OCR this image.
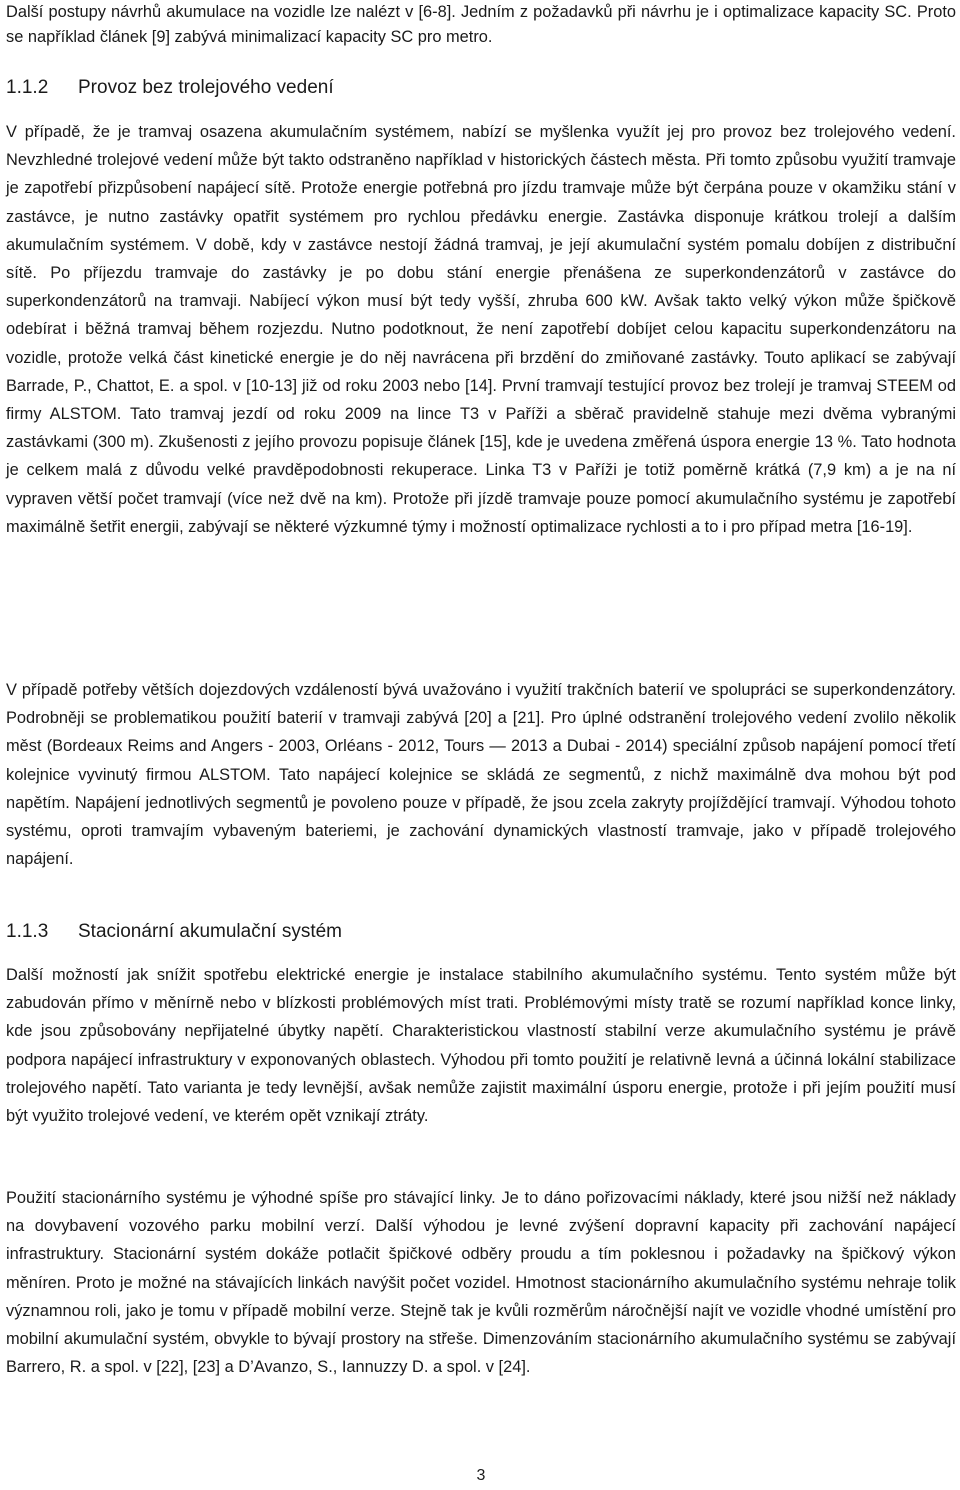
Další postupy návrhů akumulace na vozidle lze nalézt v [6-8]. Jedním z požadavků při návrhu je i optimalizace kapacity SC. Proto se například článek [9] zabývá minimalizací kapacity SC pro metro.

1.1.2	Provoz bez trolejového vedení

V případě, že je tramvaj osazena akumulačním systémem, nabízí se myšlenka využít jej pro provoz bez trolejového vedení. Nevzhledné trolejové vedení může být takto odstraněno například v historických částech města. Při tomto způsobu využití tramvaje je zapotřebí přizpůsobení napájecí sítě. Protože energie potřebná pro jízdu tramvaje může být čerpána pouze v okamžiku stání v zastávce, je nutno zastávky opatřit systémem pro rychlou předávku energie. Zastávka disponuje krátkou trolejí a dalším akumulačním systémem. V době, kdy v zastávce nestojí žádná tramvaj, je její akumulační systém pomalu dobíjen z distribuční sítě. Po příjezdu tramvaje do zastávky je po dobu stání energie přenášena ze superkondenzátorů v zastávce do superkondenzátorů na tramvaji. Nabíjecí výkon musí být tedy vyšší, zhruba 600 kW. Avšak takto velký výkon může špičkově odebírat i běžná tramvaj během rozjezdu. Nutno podotknout, že není zapotřebí dobíjet celou kapacitu superkondenzátoru na vozidle, protože velká část kinetické energie je do něj navrácena při brzdění do zmiňované zastávky. Touto aplikací se zabývají Barrade, P., Chattot, E. a spol. v [10-13] již od roku 2003 nebo [14]. První tramvají testující provoz bez trolejí je tramvaj STEEM od firmy ALSTOM. Tato tramvaj jezdí od roku 2009 na lince T3 v Paříži a sběrač pravidelně stahuje mezi dvěma vybranými zastávkami (300 m). Zkušenosti z jejího provozu popisuje článek [15], kde je uvedena změřená úspora energie 13 %. Tato hodnota je celkem malá z důvodu velké pravděpodobnosti rekuperace. Linka T3 v Paříži je totiž poměrně krátká (7,9 km) a je na ní vypraven větší počet tramvají (více než dvě na km). Protože při jízdě tramvaje pouze pomocí akumulačního systému je zapotřebí maximálně šetřit energii, zabývají se některé výzkumné týmy i možností optimalizace rychlosti a to i pro případ metra [16-19].

V případě potřeby větších dojezdových vzdáleností bývá uvažováno i využití trakčních baterií ve spolupráci se superkondenzátory. Podrobněji se problematikou použití baterií v tramvaji zabývá [20] a [21]. Pro úplné odstranění trolejového vedení zvolilo několik měst (Bordeaux Reims and Angers - 2003, Orléans - 2012, Tours — 2013 a Dubai - 2014) speciální způsob napájení pomocí třetí kolejnice vyvinutý firmou ALSTOM. Tato napájecí kolejnice se skládá ze segmentů, z nichž maximálně dva mohou být pod napětím. Napájení jednotlivých segmentů je povoleno pouze v případě, že jsou zcela zakryty projíždějící tramvají. Výhodou tohoto systému, oproti tramvajím vybaveným bateriemi, je zachování dynamických vlastností tramvaje, jako v případě trolejového napájení.

1.1.3	Stacionární akumulační systém

Další možností jak snížit spotřebu elektrické energie je instalace stabilního akumulačního systému. Tento systém může být zabudován přímo v měnírně nebo v blízkosti problémových míst trati. Problémovými místy tratě se rozumí například konce linky, kde jsou způsobovány nepřijatelné úbytky napětí. Charakteristickou vlastností stabilní verze akumulačního systému je právě podpora napájecí infrastruktury v exponovaných oblastech. Výhodou při tomto použití je relativně levná a účinná lokální stabilizace trolejového napětí. Tato varianta je tedy levnější, avšak nemůže zajistit maximální úsporu energie, protože i při jejím použití musí být využito trolejové vedení, ve kterém opět vznikají ztráty.

Použití stacionárního systému je výhodné spíše pro stávající linky. Je to dáno pořizovacími náklady, které jsou nižší než náklady na dovybavení vozového parku mobilní verzí. Další výhodou je levné zvýšení dopravní kapacity při zachování napájecí infrastruktury. Stacionární systém dokáže potlačit špičkové odběry proudu a tím poklesnou i požadavky na špičkový výkon měníren. Proto je možné na stávajících linkách navýšit počet vozidel. Hmotnost stacionárního akumulačního systému nehraje tolik významnou roli, jako je tomu v případě mobilní verze. Stejně tak je kvůli rozměrům náročnější najít ve vozidle vhodné umístění pro mobilní akumulační systém, obvykle to bývají prostory na střeše. Dimenzováním stacionárního akumulačního systému se zabývají Barrero, R. a spol. v [22], [23] a D’Avanzo, S., Iannuzzy D. a spol. v [24].

3
